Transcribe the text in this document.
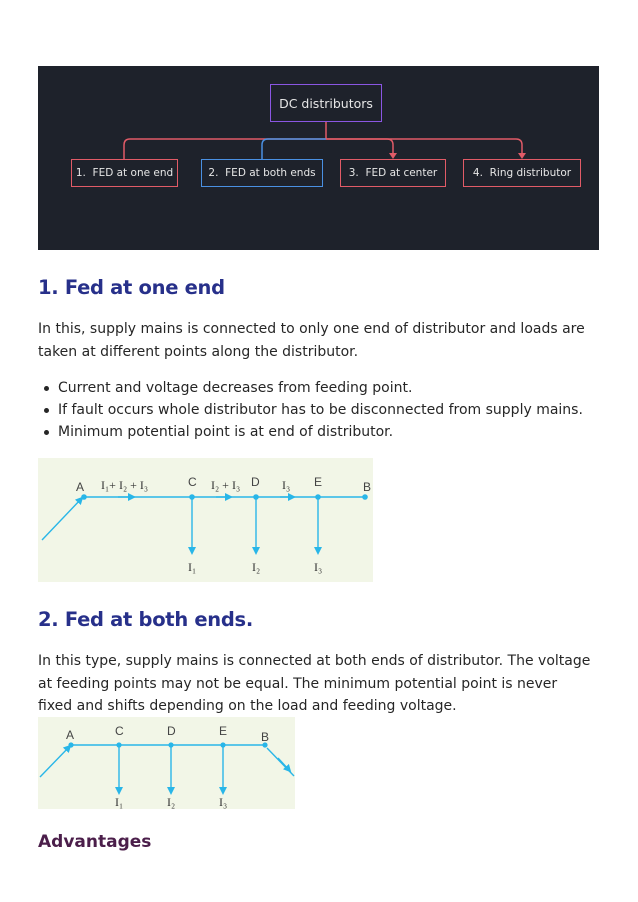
DC distributors
1.
FED at one end	2.
FED at both ends	3.
FED at center	4.
Ring distributor
1. Fed at one end

In this, supply mains is connected to only one end of distributor and loads are taken at different points along the distributor.

Current and voltage decreases from feeding point.
If fault occurs whole distributor has to be disconnected from supply mains.
Minimum potential point is at end of distributor.
A	C	D	E	B
I₁+ I₂ + I₃	I₂ + I₃	I₃
I₁	I₂	I₃
2. Fed at both ends.

In this type, supply mains is connected at both ends of distributor. The voltage at feeding points may not be equal. The minimum potential point is never fixed and shifts depending on the load and feeding voltage.

A	C	D	E	B
I₁	I₂	I₃
Advantages
